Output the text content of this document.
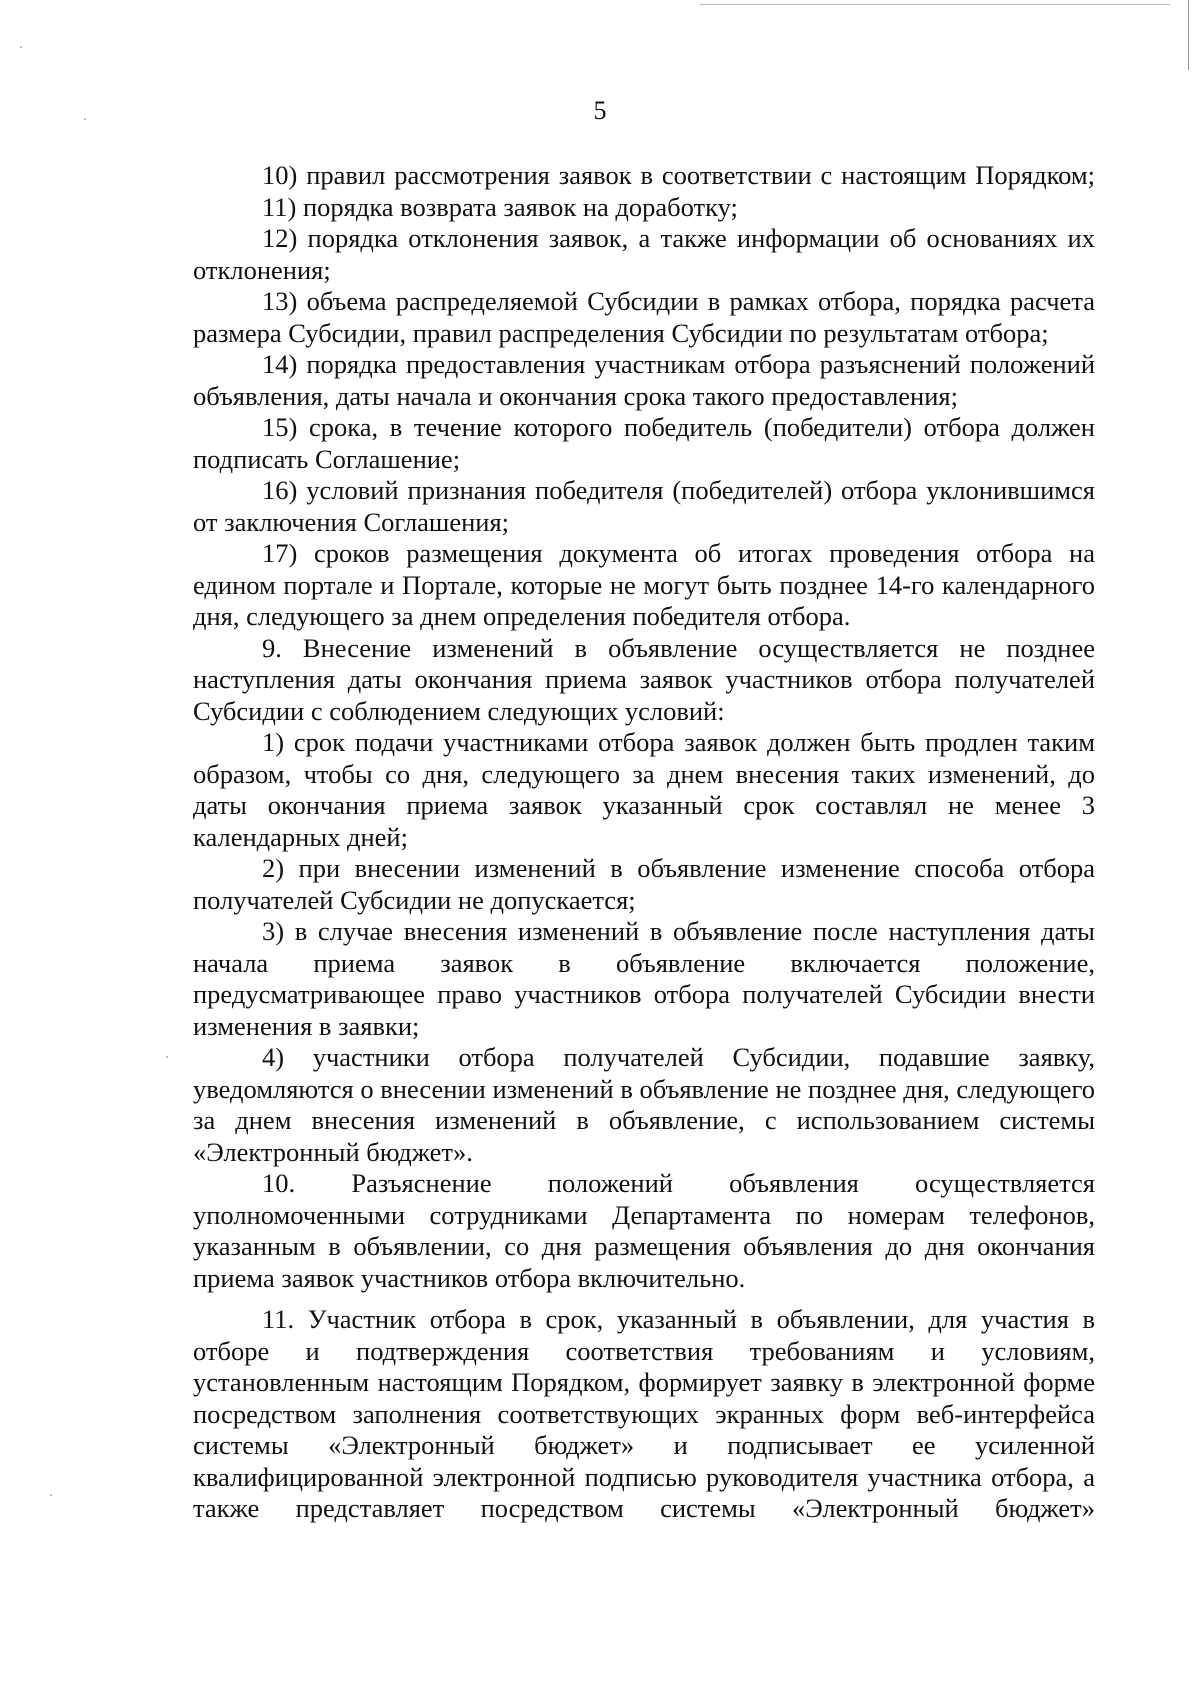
5

10) правил рассмотрения заявок в соответствии с настоящим Порядком;

11) порядка возврата заявок на доработку;

12) порядка отклонения заявок, а также информации об основаниях их отклонения;

13) объема распределяемой Субсидии в рамках отбора, порядка расчета размера Субсидии, правил распределения Субсидии по результатам отбора;

14) порядка предоставления участникам отбора разъяснений положений объявления, даты начала и окончания срока такого предоставления;

15) срока, в течение которого победитель (победители) отбора должен подписать Соглашение;

16) условий признания победителя (победителей) отбора уклонившимся от заключения Соглашения;

17) сроков размещения документа об итогах проведения отбора на едином портале и Портале, которые не могут быть позднее 14-го календарного дня, следующего за днем определения победителя отбора.

9. Внесение изменений в объявление осуществляется не позднее наступления даты окончания приема заявок участников отбора получателей Субсидии с соблюдением следующих условий:

1) срок подачи участниками отбора заявок должен быть продлен таким образом, чтобы со дня, следующего за днем внесения таких изменений, до даты окончания приема заявок указанный срок составлял не менее 3 календарных дней;

2) при внесении изменений в объявление изменение способа отбора получателей Субсидии не допускается;

3) в случае внесения изменений в объявление после наступления даты начала приема заявок в объявление включается положение, предусматривающее право участников отбора получателей Субсидии внести изменения в заявки;

4) участники отбора получателей Субсидии, подавшие заявку, уведомляются о внесении изменений в объявление не позднее дня, следующего за днем внесения изменений в объявление, с использованием системы «Электронный бюджет».

10. Разъяснение положений объявления осуществляется уполномоченными сотрудниками Департамента по номерам телефонов, указанным в объявлении, со дня размещения объявления до дня окончания приема заявок участников отбора включительно.

11. Участник отбора в срок, указанный в объявлении, для участия в отборе и подтверждения соответствия требованиям и условиям, установленным настоящим Порядком, формирует заявку в электронной форме посредством заполнения соответствующих экранных форм веб-интерфейса системы «Электронный бюджет» и подписывает ее усиленной квалифицированной электронной подписью руководителя участника отбора, а также представляет посредством системы «Электронный бюджет»
